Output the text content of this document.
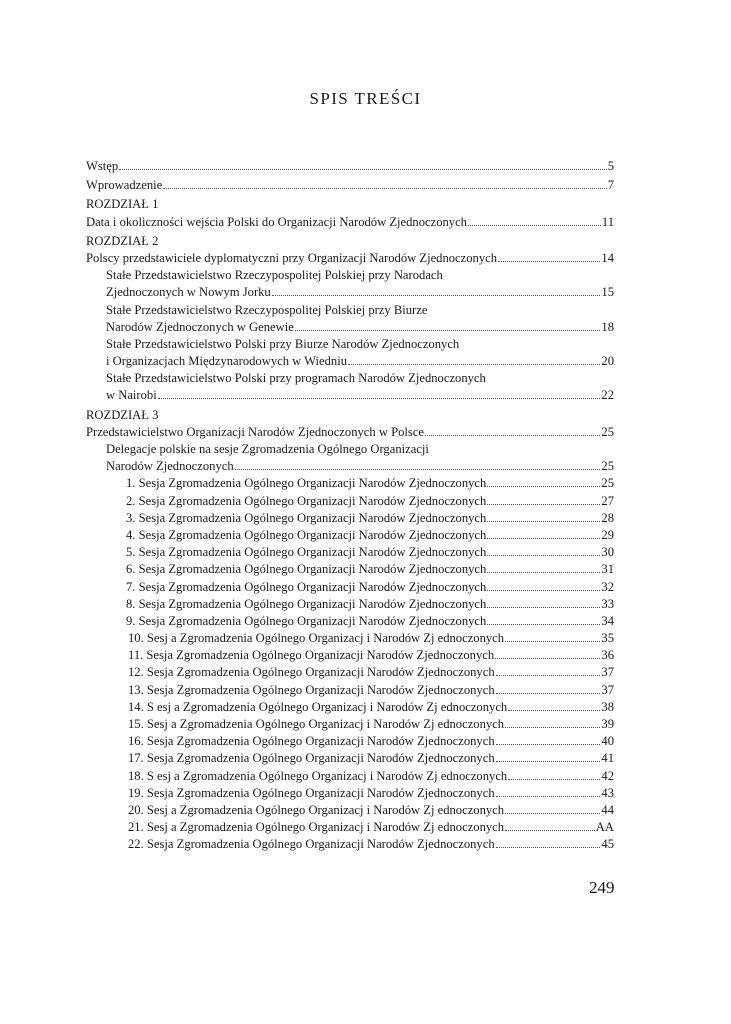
SPIS TREŚCI
Wstęp	5
Wprowadzenie	7
ROZDZIAŁ 1
Data i okoliczności wejścia Polski do Organizacji Narodów Zjednoczonych	11
ROZDZIAŁ 2
Polscy przedstawiciele dyplomatyczni przy Organizacji Narodów Zjednoczonych	14
Stałe Przedstawicielstwo Rzeczypospolitej Polskiej przy Narodach
Zjednoczonych w Nowym Jorku	15
Stałe Przedstawicielstwo Rzeczypospolitej Polskiej przy Biurze
Narodów Zjednoczonych w Genewie	18
Stałe Przedstawicielstwo Polski przy Biurze Narodów Zjednoczonych
i Organizacjach Międzynarodowych w Wiedniu	20
Stałe Przedstawicielstwo Polski przy programach Narodów Zjednoczonych
w Nairobi	22
ROZDZIAŁ 3
Przedstawicielstwo Organizacji Narodów Zjednoczonych w Polsce	25
Delegacje polskie na sesje Zgromadzenia Ogólnego Organizacji
Narodów Zjednoczonych	25
1. Sesja Zgromadzenia Ogólnego Organizacji Narodów Zjednoczonych	25
2. Sesja Zgromadzenia Ogólnego Organizacji Narodów Zjednoczonych	27
3. Sesja Zgromadzenia Ogólnego Organizacji Narodów Zjednoczonych	28
4. Sesja Zgromadzenia Ogólnego Organizacji Narodów Zjednoczonych	29
5. Sesja Zgromadzenia Ogólnego Organizacji Narodów Zjednoczonych	30
6. Sesja Zgromadzenia Ogólnego Organizacji Narodów Zjednoczonych	31
7. Sesja Zgromadzenia Ogólnego Organizacji Narodów Zjednoczonych	32
8. Sesja Zgromadzenia Ogólnego Organizacji Narodów Zjednoczonych	33
9. Sesja Zgromadzenia Ogólnego Organizacji Narodów Zjednoczonych	34
10. Sesj a Zgromadzenia Ogólnego Organizacj i Narodów Zj ednoczonych	35
11. Sesja Zgromadzenia Ogólnego Organizacji Narodów Zjednoczonych	36
12. Sesja Zgromadzenia Ogólnego Organizacji Narodów Zjednoczonych	37
13. Sesja Zgromadzenia Ogólnego Organizacji Narodów Zjednoczonych	37
14. S esj a Zgromadzenia Ogólnego Organizacj i Narodów Zj ednoczonych	38
15. Sesj a Zgromadzenia Ogólnego Organizacj i Narodów Zj ednoczonych	39
16. Sesja Zgromadzenia Ogólnego Organizacji Narodów Zjednoczonych	40
17. Sesja Zgromadzenia Ogólnego Organizacji Narodów Zjednoczonych	41
18. S esj a Zgromadzenia Ogólnego Organizacj i Narodów Zj ednoczonych	42
19. Sesja Zgromadzenia Ogólnego Organizacji Narodów Zjednoczonych	43
20. Sesj a Zgromadzenia Ogólnego Organizacj i Narodów Zj ednoczonych	44
21. Sesj a Zgromadzenia Ogólnego Organizacj i Narodów Zj ednoczonych	AA
22. Sesja Zgromadzenia Ogólnego Organizacji Narodów Zjednoczonych	45
249
